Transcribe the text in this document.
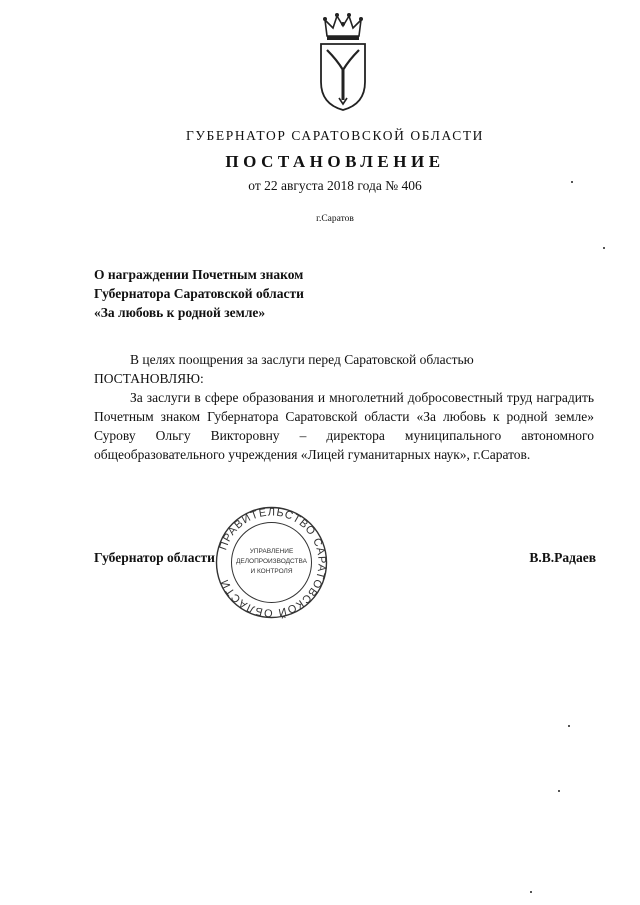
ГУБЕРНАТОР САРАТОВСКОЙ ОБЛАСТИ
ПОСТАНОВЛЕНИЕ
от 22 августа 2018 года № 406
г.Саратов
О награждении Почетным знаком
Губернатора Саратовской области
«За любовь к родной земле»

В целях поощрения за заслуги перед Саратовской областью

ПОСТАНОВЛЯЮ:

За заслуги в сфере образования и многолетний добросовестный труд наградить Почетным знаком Губернатора Саратовской области «За любовь к родной земле» Сурову Ольгу Викторовну – директора муниципального автономного общеобразовательного учреждения «Лицей гуманитарных наук», г.Саратов.

Губернатор области	В.В.Радаев
ПРАВИТЕЛЬСТВО САРАТОВСКОЙ ОБЛАСТИ
УПРАВЛЕНИЕ
ДЕЛОПРОИЗВОДСТВА
И КОНТРОЛЯ
